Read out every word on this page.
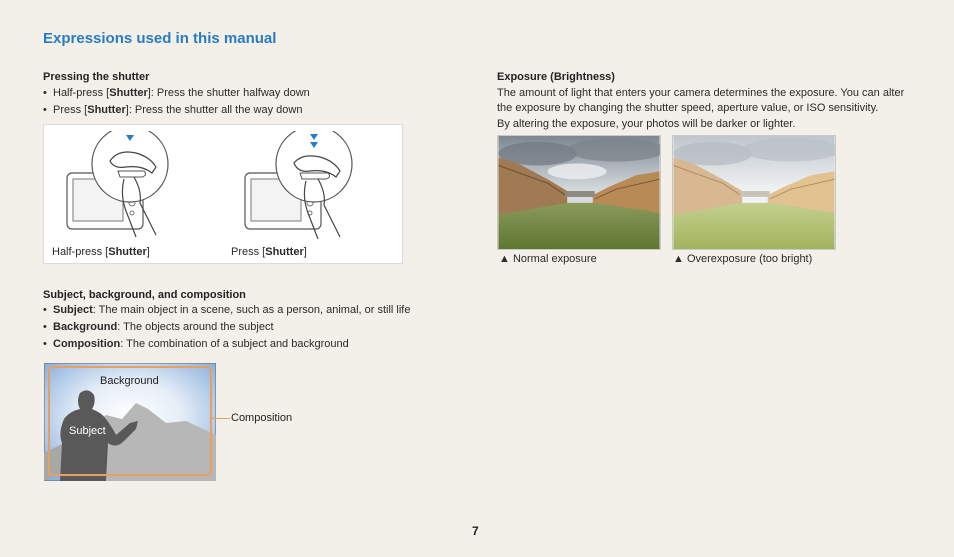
Expressions used in this manual
Pressing the shutter
• Half-press [Shutter]: Press the shutter halfway down
• Press [Shutter]: Press the shutter all the way down
Half-press [Shutter]	Press [Shutter]
Subject, background, and composition
• Subject: The main object in a scene, such as a person, animal, or still life
• Background: The objects around the subject
• Composition: The combination of a subject and background
Background
Subject
Composition
Exposure (Brightness)
The amount of light that enters your camera determines the exposure. You can alter
the exposure by changing the shutter speed, aperture value, or ISO sensitivity.
By altering the exposure, your photos will be darker or lighter.
▲ Normal exposure	▲ Overexposure (too bright)
7
